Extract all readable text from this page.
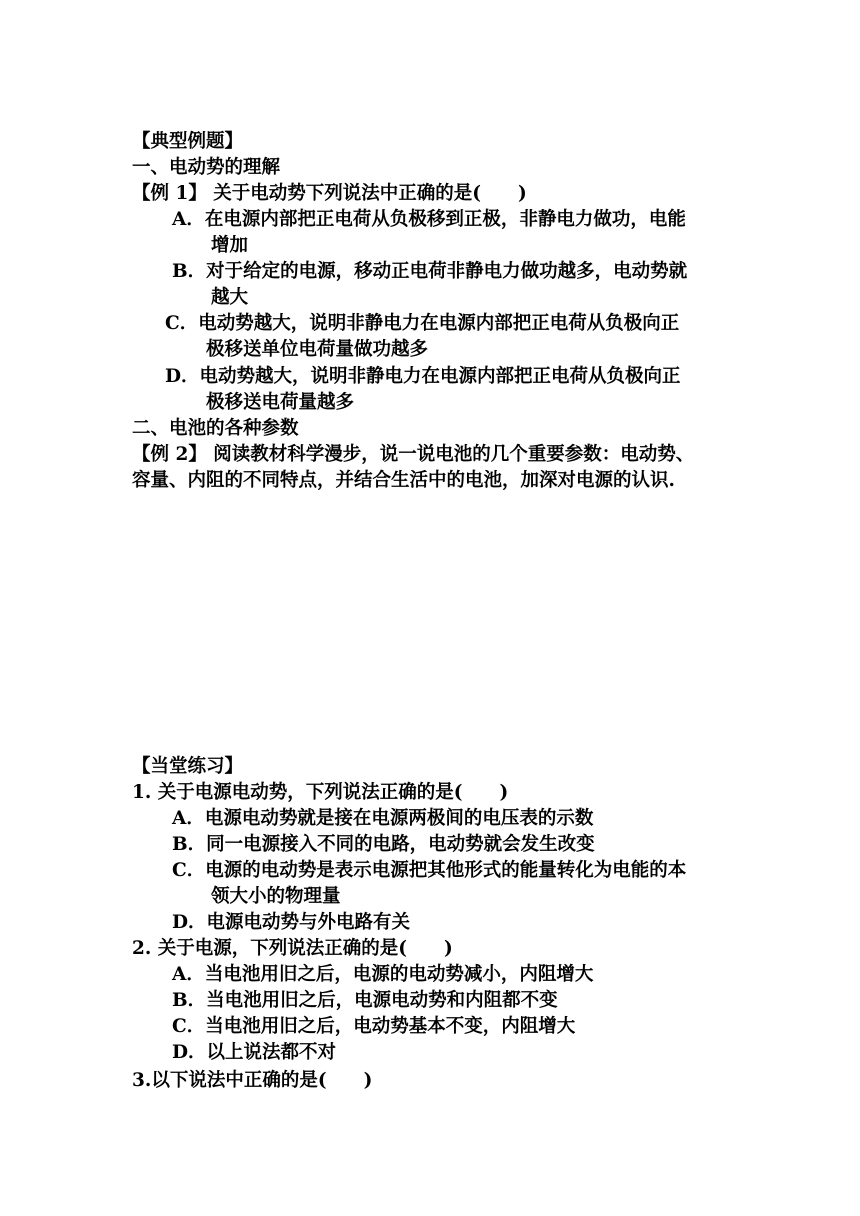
【典型例题】
一、电动势的理解
【例 1】 关于电动势下列说法中正确的是(　　)
A．在电源内部把正电荷从负极移到正极，非静电力做功，电能
增加
B．对于给定的电源，移动正电荷非静电力做功越多，电动势就
越大
C．电动势越大，说明非静电力在电源内部把正电荷从负极向正
极移送单位电荷量做功越多
D．电动势越大，说明非静电力在电源内部把正电荷从负极向正
极移送电荷量越多
二、电池的各种参数
【例 2】 阅读教材科学漫步，说一说电池的几个重要参数：电动势、
容量、内阻的不同特点，并结合生活中的电池，加深对电源的认识.
【当堂练习】
1. 关于电源电动势，下列说法正确的是(　　)
A．电源电动势就是接在电源两极间的电压表的示数
B．同一电源接入不同的电路，电动势就会发生改变
C．电源的电动势是表示电源把其他形式的能量转化为电能的本
领大小的物理量
D．电源电动势与外电路有关
2. 关于电源，下列说法正确的是(　　)
A．当电池用旧之后，电源的电动势减小，内阻增大
B．当电池用旧之后，电源电动势和内阻都不变
C．当电池用旧之后，电动势基本不变，内阻增大
D．以上说法都不对
3.以下说法中正确的是(　　)
